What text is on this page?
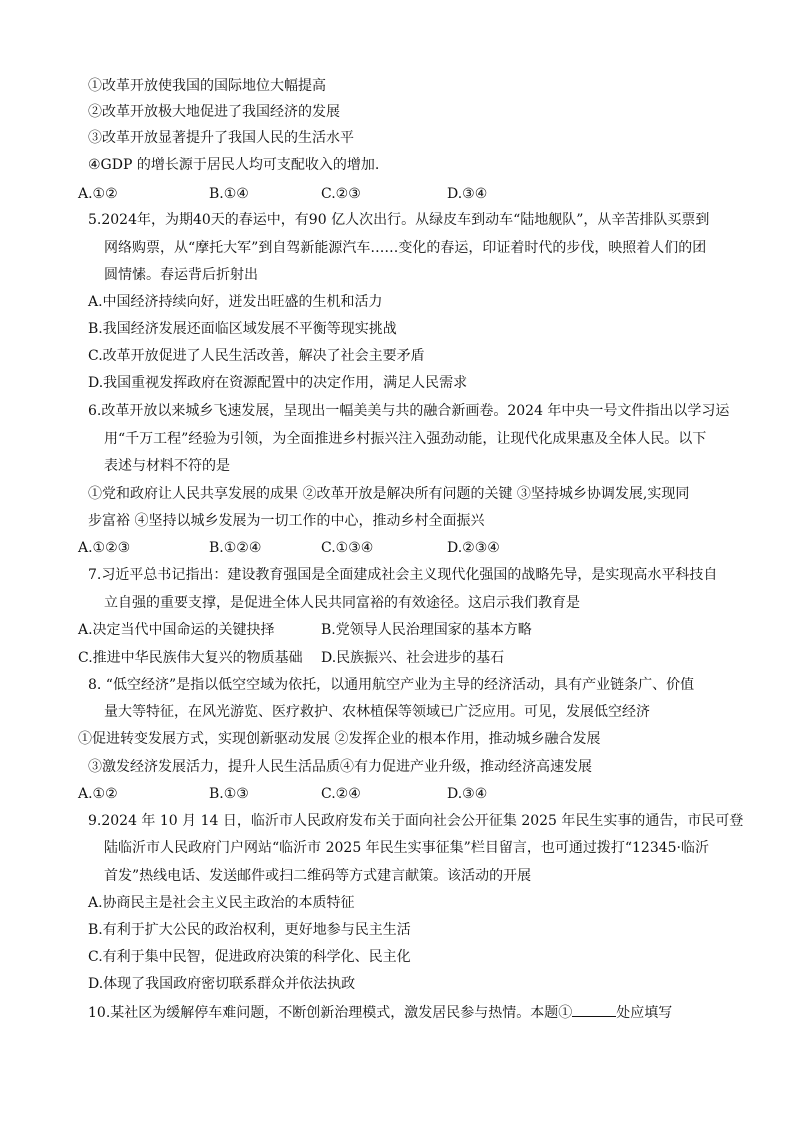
①改革开放使我国的国际地位大幅提高
②改革开放极大地促进了我国经济的发展
③改革开放显著提升了我国人民的生活水平
④GDP 的增长源于居民人均可支配收入的增加.
A.①②	B.①④	C.②③	D.③④
5.2024年，为期40天的春运中，有90 亿人次出行。从绿皮车到动车“陆地舰队”，从辛苦排队买票到
网络购票，从“摩托大军”到自驾新能源汽车……变化的春运，印证着时代的步伐，映照着人们的团
圆情愫。春运背后折射出
A.中国经济持续向好，迸发出旺盛的生机和活力
B.我国经济发展还面临区域发展不平衡等现实挑战
C.改革开放促进了人民生活改善，解决了社会主要矛盾
D.我国重视发挥政府在资源配置中的决定作用，满足人民需求
6.改革开放以来城乡飞速发展，呈现出一幅美美与共的融合新画卷。2024 年中央一号文件指出以学习运
用“千万工程”经验为引领，为全面推进乡村振兴注入强劲动能，让现代化成果惠及全体人民。以下
表述与材料不符的是
①党和政府让人民共享发展的成果 ②改革开放是解决所有问题的关键 ③坚持城乡协调发展,实现同
步富裕 ④坚持以城乡发展为一切工作的中心，推动乡村全面振兴
A.①②③	B.①②④	C.①③④	D.②③④
7.习近平总书记指出：建设教育强国是全面建成社会主义现代化强国的战略先导，是实现高水平科技自
立自强的重要支撑，是促进全体人民共同富裕的有效途径。这启示我们教育是
A.决定当代中国命运的关键抉择	B.党领导人民治理国家的基本方略
C.推进中华民族伟大复兴的物质基础 D.民族振兴、社会进步的基石
8. “低空经济”是指以低空空域为依托，以通用航空产业为主导的经济活动，具有产业链条广、价值
量大等特征，在风光游览、医疗救护、农林植保等领域已广泛应用。可见，发展低空经济
①促进转变发展方式，实现创新驱动发展 ②发挥企业的根本作用，推动城乡融合发展
③激发经济发展活力，提升人民生活品质④有力促进产业升级，推动经济高速发展
A.①②	B.①③	C.②④	D.③④
9.2024 年 10 月 14 日，临沂市人民政府发布关于面向社会公开征集 2025 年民生实事的通告，市民可登
陆临沂市人民政府门户网站“临沂市 2025 年民生实事征集”栏目留言，也可通过拨打“12345·临沂
首发”热线电话、发送邮件或扫二维码等方式建言献策。该活动的开展
A.协商民主是社会主义民主政治的本质特征
B.有利于扩大公民的政治权利，更好地参与民主生活
C.有利于集中民智，促进政府决策的科学化、民主化
D.体现了我国政府密切联系群众并依法执政
10.某社区为缓解停车难问题，不断创新治理模式，激发居民参与热情。本题①	处应填写
